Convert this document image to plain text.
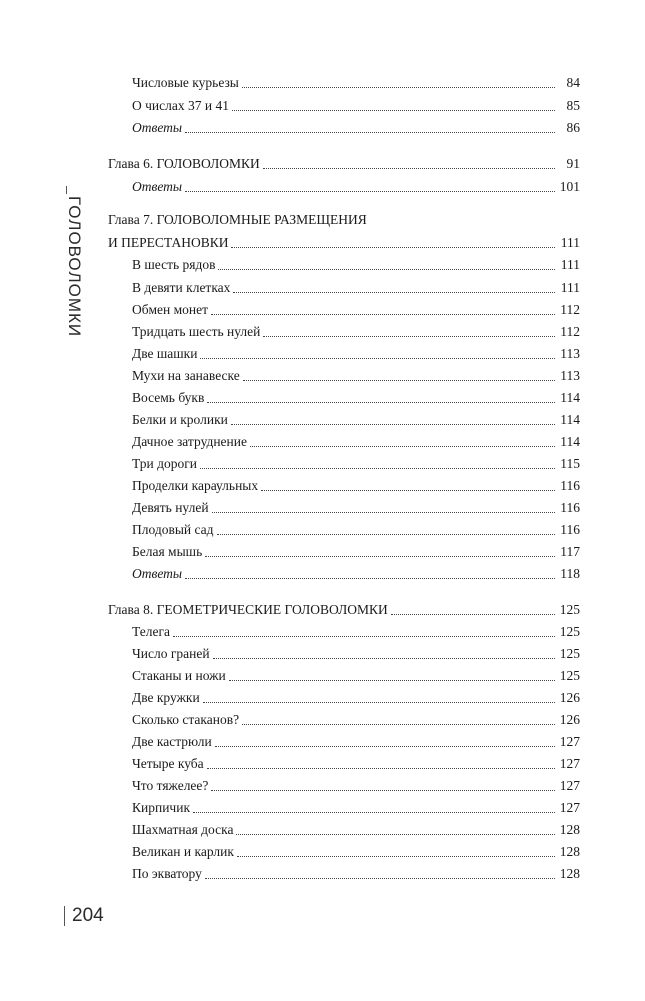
ГОЛОВОЛОМКИ
204
Числовые курьезы	84
О числах 37 и 41	85
Ответы	86
Глава 6. ГОЛОВОЛОМКИ	91
Ответы	101
Глава 7. ГОЛОВОЛОМНЫЕ РАЗМЕЩЕНИЯ
И ПЕРЕСТАНОВКИ	111
В шесть рядов	111
В девяти клетках	111
Обмен монет	112
Тридцать шесть нулей	112
Две шашки	113
Мухи на занавеске	113
Восемь букв	114
Белки и кролики	114
Дачное затруднение	114
Три дороги	115
Проделки караульных	116
Девять нулей	116
Плодовый сад	116
Белая мышь	117
Ответы	118
Глава 8. ГЕОМЕТРИЧЕСКИЕ ГОЛОВОЛОМКИ	125
Телега	125
Число граней	125
Стаканы и ножи	125
Две кружки	126
Сколько стаканов?	126
Две кастрюли	127
Четыре куба	127
Что тяжелее?	127
Кирпичик	127
Шахматная доска	128
Великан и карлик	128
По экватору	128
